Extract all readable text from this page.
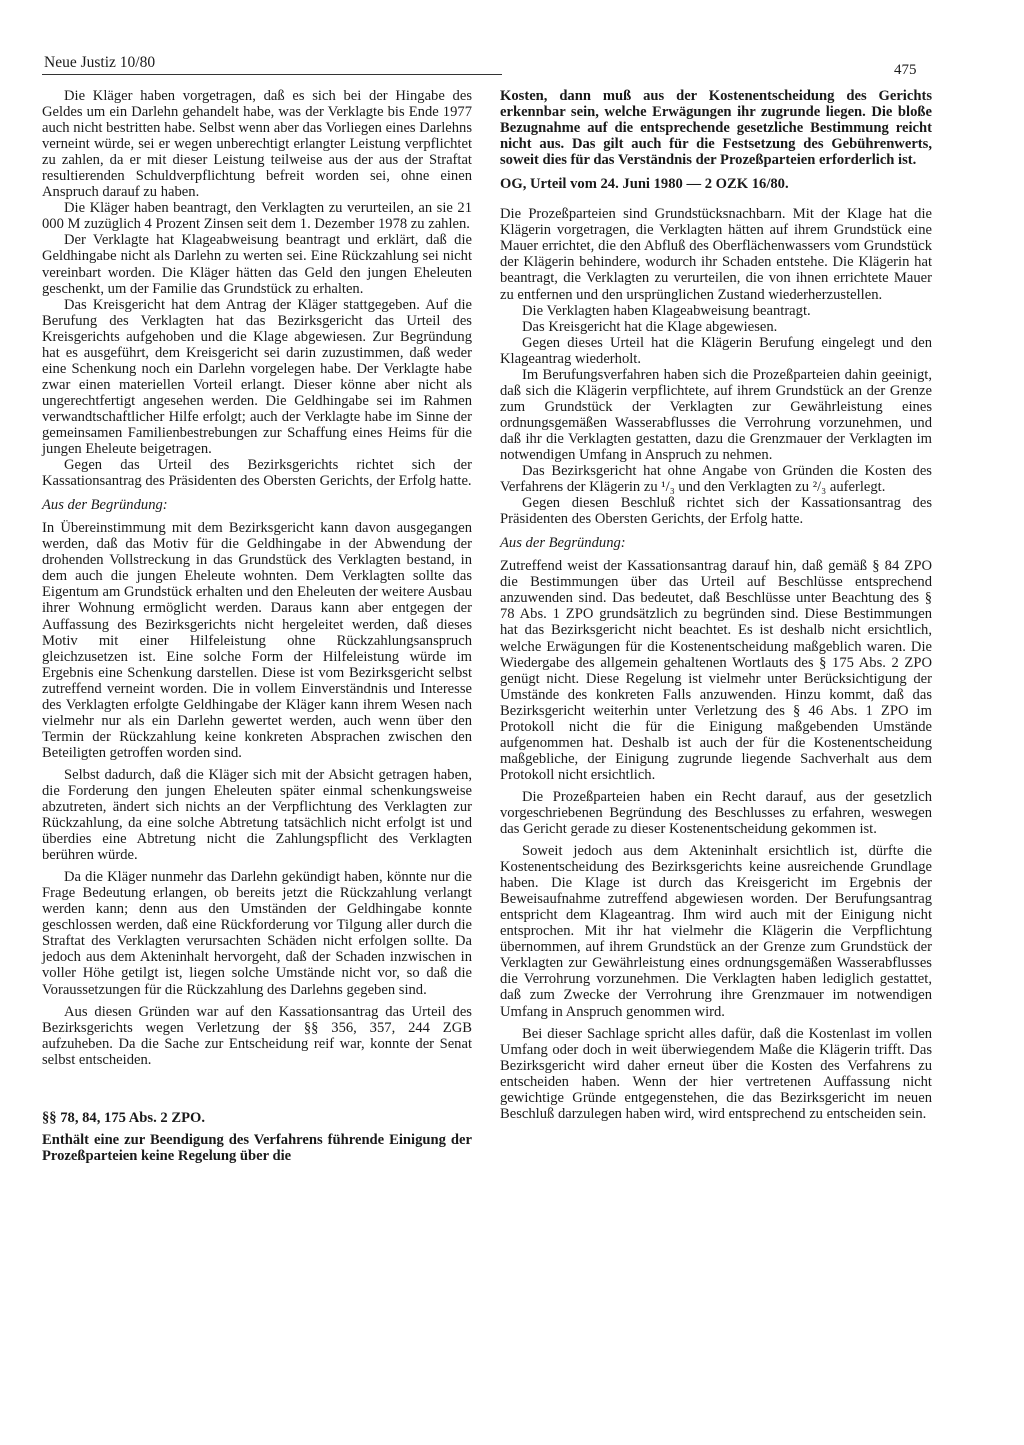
Neue Justiz 10/80	475

Die Kläger haben vorgetragen, daß es sich bei der Hingabe des Geldes um ein Darlehn gehandelt habe, was der Verklagte bis Ende 1977 auch nicht bestritten habe. Selbst wenn aber das Vorliegen eines Darlehns verneint würde, sei er wegen unberechtigt erlangter Leistung verpflichtet zu zahlen, da er mit dieser Leistung teilweise aus der aus der Straftat resultierenden Schuldverpflichtung befreit worden sei, ohne einen Anspruch darauf zu haben.

Die Kläger haben beantragt, den Verklagten zu verurteilen, an sie 21 000 M zuzüglich 4 Prozent Zinsen seit dem 1. Dezember 1978 zu zahlen.

Der Verklagte hat Klageabweisung beantragt und erklärt, daß die Geldhingabe nicht als Darlehn zu werten sei. Eine Rückzahlung sei nicht vereinbart worden. Die Kläger hätten das Geld den jungen Eheleuten geschenkt, um der Familie das Grundstück zu erhalten.

Das Kreisgericht hat dem Antrag der Kläger stattgegeben. Auf die Berufung des Verklagten hat das Bezirksgericht das Urteil des Kreisgerichts aufgehoben und die Klage abgewiesen. Zur Begründung hat es ausgeführt, dem Kreisgericht sei darin zuzustimmen, daß weder eine Schenkung noch ein Darlehn vorgelegen habe. Der Verklagte habe zwar einen materiellen Vorteil erlangt. Dieser könne aber nicht als ungerechtfertigt angesehen werden. Die Geldhingabe sei im Rahmen verwandtschaftlicher Hilfe erfolgt; auch der Verklagte habe im Sinne der gemeinsamen Familienbestrebungen zur Schaffung eines Heims für die jungen Eheleute beigetragen.

Gegen das Urteil des Bezirksgerichts richtet sich der Kassationsantrag des Präsidenten des Obersten Gerichts, der Erfolg hatte.

Aus der Begründung:

In Übereinstimmung mit dem Bezirksgericht kann davon ausgegangen werden, daß das Motiv für die Geldhingabe in der Abwendung der drohenden Vollstreckung in das Grundstück des Verklagten bestand, in dem auch die jungen Eheleute wohnten. Dem Verklagten sollte das Eigentum am Grundstück erhalten und den Eheleuten der weitere Ausbau ihrer Wohnung ermöglicht werden. Daraus kann aber entgegen der Auffassung des Bezirksgerichts nicht hergeleitet werden, daß dieses Motiv mit einer Hilfeleistung ohne Rückzahlungsanspruch gleichzusetzen ist. Eine solche Form der Hilfeleistung würde im Ergebnis eine Schenkung darstellen. Diese ist vom Bezirksgericht selbst zutreffend verneint worden. Die in vollem Einverständnis und Interesse des Verklagten erfolgte Geldhingabe der Kläger kann ihrem Wesen nach vielmehr nur als ein Darlehn gewertet werden, auch wenn über den Termin der Rückzahlung keine konkreten Absprachen zwischen den Beteiligten getroffen worden sind.

Selbst dadurch, daß die Kläger sich mit der Absicht getragen haben, die Forderung den jungen Eheleuten später einmal schenkungsweise abzutreten, ändert sich nichts an der Verpflichtung des Verklagten zur Rückzahlung, da eine solche Abtretung tatsächlich nicht erfolgt ist und überdies eine Abtretung nicht die Zahlungspflicht des Verklagten berühren würde.

Da die Kläger nunmehr das Darlehn gekündigt haben, könnte nur die Frage Bedeutung erlangen, ob bereits jetzt die Rückzahlung verlangt werden kann; denn aus den Umständen der Geldhingabe konnte geschlossen werden, daß eine Rückforderung vor Tilgung aller durch die Straftat des Verklagten verursachten Schäden nicht erfolgen sollte. Da jedoch aus dem Akteninhalt hervorgeht, daß der Schaden inzwischen in voller Höhe getilgt ist, liegen solche Umstände nicht vor, so daß die Voraussetzungen für die Rückzahlung des Darlehns gegeben sind.

Aus diesen Gründen war auf den Kassationsantrag das Urteil des Bezirksgerichts wegen Verletzung der §§ 356, 357, 244 ZGB aufzuheben. Da die Sache zur Entscheidung reif war, konnte der Senat selbst entscheiden.

§§ 78, 84, 175 Abs. 2 ZPO.

Enthält eine zur Beendigung des Verfahrens führende Einigung der Prozeßparteien keine Regelung über die

Kosten, dann muß aus der Kostenentscheidung des Gerichts erkennbar sein, welche Erwägungen ihr zugrunde liegen. Die bloße Bezugnahme auf die entsprechende gesetzliche Bestimmung reicht nicht aus. Das gilt auch für die Festsetzung des Gebührenwerts, soweit dies für das Verständnis der Prozeßparteien erforderlich ist.

OG, Urteil vom 24. Juni 1980 — 2 OZK 16/80.

Die Prozeßparteien sind Grundstücksnachbarn. Mit der Klage hat die Klägerin vorgetragen, die Verklagten hätten auf ihrem Grundstück eine Mauer errichtet, die den Abfluß des Oberflächenwassers vom Grundstück der Klägerin behindere, wodurch ihr Schaden entstehe. Die Klägerin hat beantragt, die Verklagten zu verurteilen, die von ihnen errichtete Mauer zu entfernen und den ursprünglichen Zustand wiederherzustellen.

Die Verklagten haben Klageabweisung beantragt.

Das Kreisgericht hat die Klage abgewiesen.

Gegen dieses Urteil hat die Klägerin Berufung eingelegt und den Klageantrag wiederholt.

Im Berufungsverfahren haben sich die Prozeßparteien dahin geeinigt, daß sich die Klägerin verpflichtete, auf ihrem Grundstück an der Grenze zum Grundstück der Verklagten zur Gewährleistung eines ordnungsgemäßen Wasserabflusses die Verrohrung vorzunehmen, und daß ihr die Verklagten gestatten, dazu die Grenzmauer der Verklagten im notwendigen Umfang in Anspruch zu nehmen.

Das Bezirksgericht hat ohne Angabe von Gründen die Kosten des Verfahrens der Klägerin zu ¹/₃ und den Verklagten zu ²/₃ auferlegt.

Gegen diesen Beschluß richtet sich der Kassationsantrag des Präsidenten des Obersten Gerichts, der Erfolg hatte.

Aus der Begründung:

Zutreffend weist der Kassationsantrag darauf hin, daß gemäß § 84 ZPO die Bestimmungen über das Urteil auf Beschlüsse entsprechend anzuwenden sind. Das bedeutet, daß Beschlüsse unter Beachtung des § 78 Abs. 1 ZPO grundsätzlich zu begründen sind. Diese Bestimmungen hat das Bezirksgericht nicht beachtet. Es ist deshalb nicht ersichtlich, welche Erwägungen für die Kostenentscheidung maßgeblich waren. Die Wiedergabe des allgemein gehaltenen Wortlauts des § 175 Abs. 2 ZPO genügt nicht. Diese Regelung ist vielmehr unter Berücksichtigung der Umstände des konkreten Falls anzuwenden. Hinzu kommt, daß das Bezirksgericht weiterhin unter Verletzung des § 46 Abs. 1 ZPO im Protokoll nicht die für die Einigung maßgebenden Umstände aufgenommen hat. Deshalb ist auch der für die Kostenentscheidung maßgebliche, der Einigung zugrunde liegende Sachverhalt aus dem Protokoll nicht ersichtlich.

Die Prozeßparteien haben ein Recht darauf, aus der gesetzlich vorgeschriebenen Begründung des Beschlusses zu erfahren, weswegen das Gericht gerade zu dieser Kostenentscheidung gekommen ist.

Soweit jedoch aus dem Akteninhalt ersichtlich ist, dürfte die Kostenentscheidung des Bezirksgerichts keine ausreichende Grundlage haben. Die Klage ist durch das Kreisgericht im Ergebnis der Beweisaufnahme zutreffend abgewiesen worden. Der Berufungsantrag entspricht dem Klageantrag. Ihm wird auch mit der Einigung nicht entsprochen. Mit ihr hat vielmehr die Klägerin die Verpflichtung übernommen, auf ihrem Grundstück an der Grenze zum Grundstück der Verklagten zur Gewährleistung eines ordnungsgemäßen Wasserabflusses die Verrohrung vorzunehmen. Die Verklagten haben lediglich gestattet, daß zum Zwecke der Verrohrung ihre Grenzmauer im notwendigen Umfang in Anspruch genommen wird.

Bei dieser Sachlage spricht alles dafür, daß die Kostenlast im vollen Umfang oder doch in weit überwiegendem Maße die Klägerin trifft. Das Bezirksgericht wird daher erneut über die Kosten des Verfahrens zu entscheiden haben. Wenn der hier vertretenen Auffassung nicht gewichtige Gründe entgegenstehen, die das Bezirksgericht im neuen Beschluß darzulegen haben wird, wird entsprechend zu entscheiden sein.
